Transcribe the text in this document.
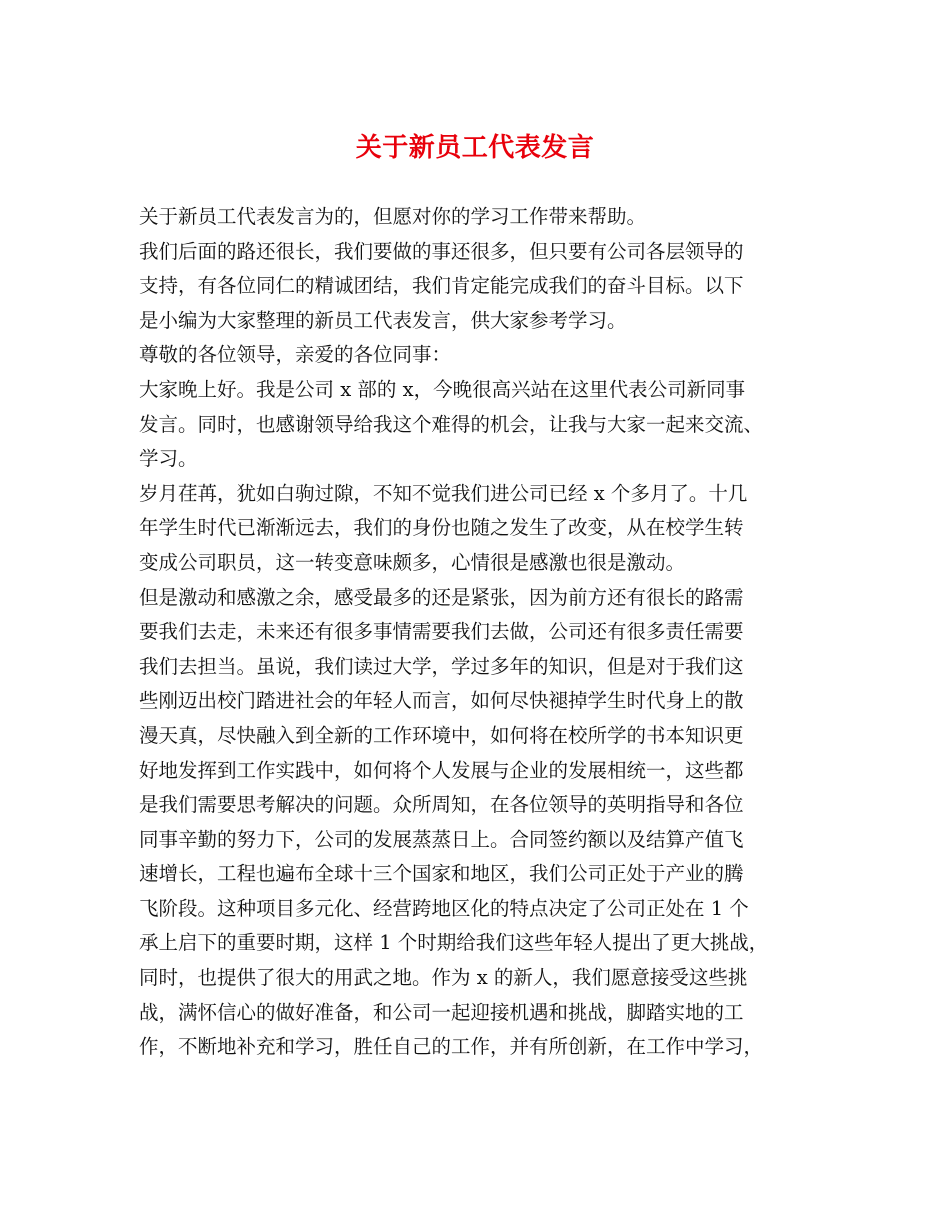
关于新员工代表发言
关于新员工代表发言为的，但愿对你的学习工作带来帮助。
我们后面的路还很长，我们要做的事还很多，但只要有公司各层领导的
支持，有各位同仁的精诚团结，我们肯定能完成我们的奋斗目标。以下
是小编为大家整理的新员工代表发言，供大家参考学习。
尊敬的各位领导，亲爱的各位同事：
大家晚上好。我是公司 x 部的 x，今晚很高兴站在这里代表公司新同事
发言。同时，也感谢领导给我这个难得的机会，让我与大家一起来交流、
学习。
岁月荏苒，犹如白驹过隙，不知不觉我们进公司已经 x 个多月了。十几
年学生时代已渐渐远去，我们的身份也随之发生了改变，从在校学生转
变成公司职员，这一转变意味颇多，心情很是感激也很是激动。
但是激动和感激之余，感受最多的还是紧张，因为前方还有很长的路需
要我们去走，未来还有很多事情需要我们去做，公司还有很多责任需要
我们去担当。虽说，我们读过大学，学过多年的知识，但是对于我们这
些刚迈出校门踏进社会的年轻人而言，如何尽快褪掉学生时代身上的散
漫天真，尽快融入到全新的工作环境中，如何将在校所学的书本知识更
好地发挥到工作实践中，如何将个人发展与企业的发展相统一，这些都
是我们需要思考解决的问题。众所周知，在各位领导的英明指导和各位
同事辛勤的努力下，公司的发展蒸蒸日上。合同签约额以及结算产值飞
速增长，工程也遍布全球十三个国家和地区，我们公司正处于产业的腾
飞阶段。这种项目多元化、经营跨地区化的特点决定了公司正处在 1 个
承上启下的重要时期，这样 1 个时期给我们这些年轻人提出了更大挑战，
同时，也提供了很大的用武之地。作为 x 的新人，我们愿意接受这些挑
战，满怀信心的做好准备，和公司一起迎接机遇和挑战，脚踏实地的工
作，不断地补充和学习，胜任自己的工作，并有所创新，在工作中学习，
